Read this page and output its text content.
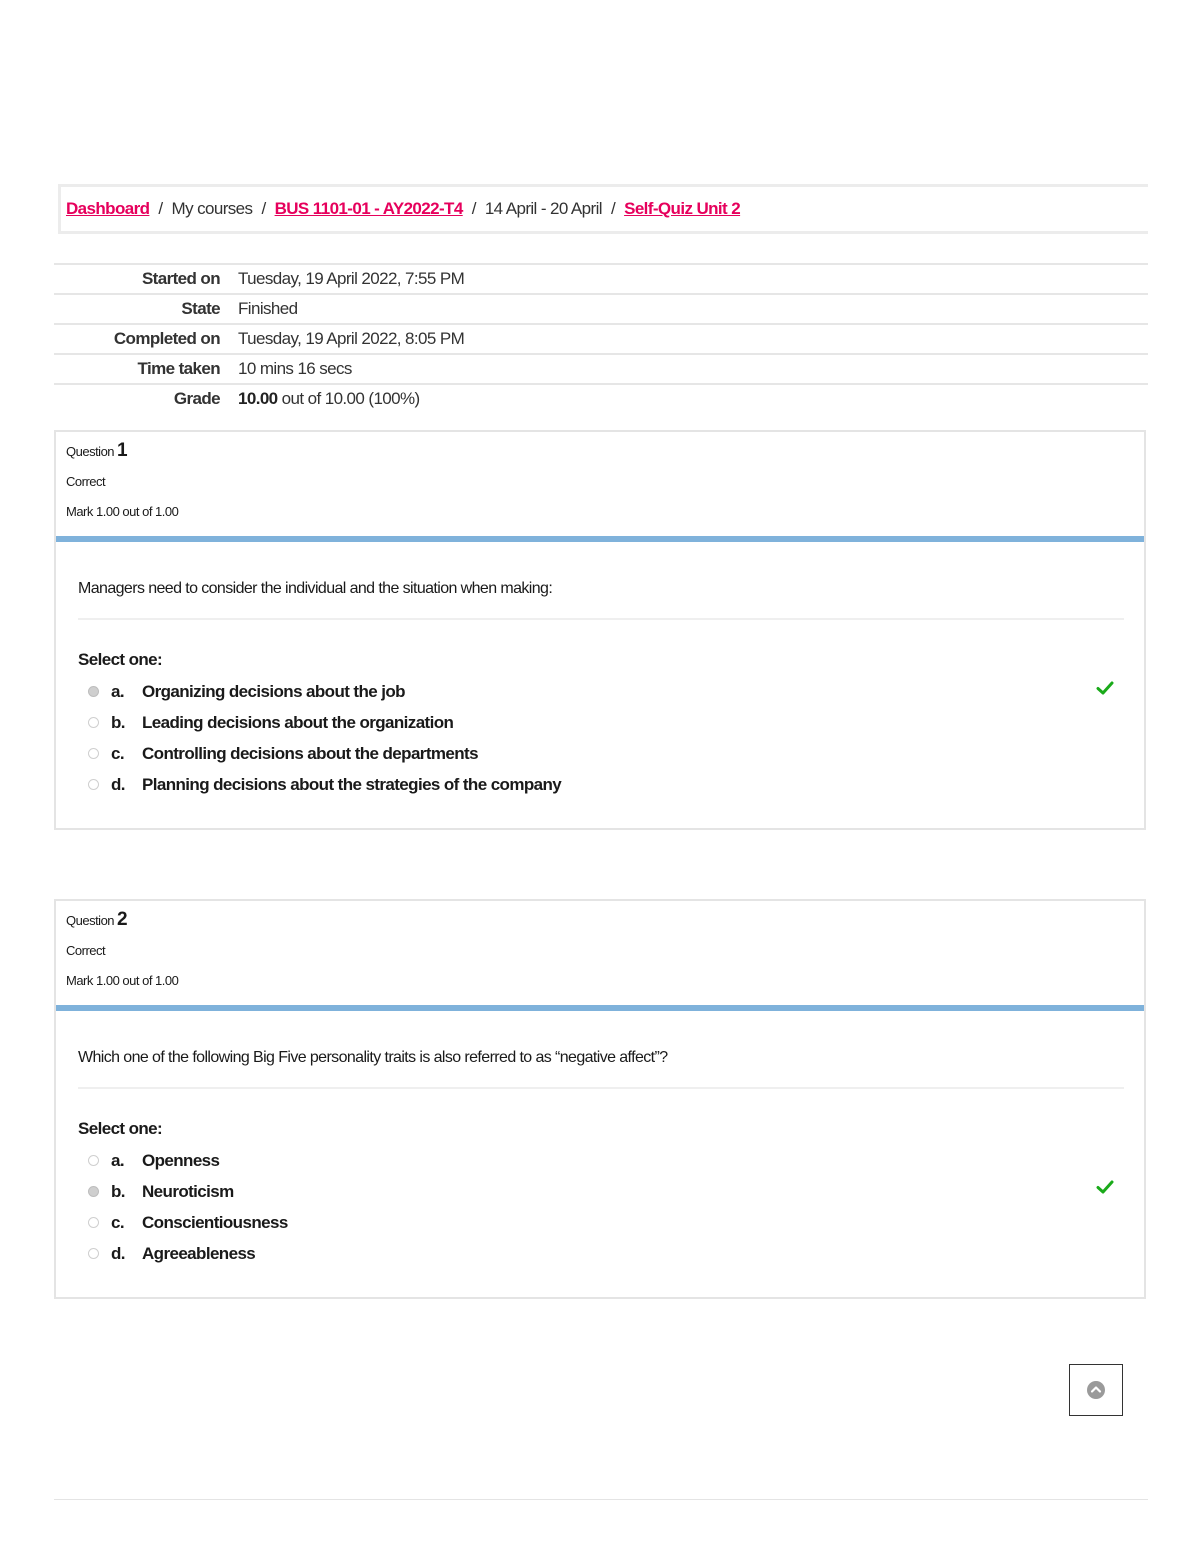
Dashboard / My courses / BUS 1101-01 - AY2022-T4 / 14 April - 20 April / Self-Quiz Unit 2
Started on Tuesday, 19 April 2022, 7:55 PM
State Finished
Completed on Tuesday, 19 April 2022, 8:05 PM
Time taken 10 mins 16 secs
Grade 10.00 out of 10.00 (100%)
Question 1
Correct
Mark 1.00 out of 1.00
Managers need to consider the individual and the situation when making:
Select one:
a.	Organizing decisions about the job
b.	Leading decisions about the organization
c.	Controlling decisions about the departments
d.	Planning decisions about the strategies of the company
Question 2
Correct
Mark 1.00 out of 1.00
Which one of the following Big Five personality traits is also referred to as “negative affect”?
Select one:
a.	Openness
b.	Neuroticism
c.	Conscientiousness
d.	Agreeableness
